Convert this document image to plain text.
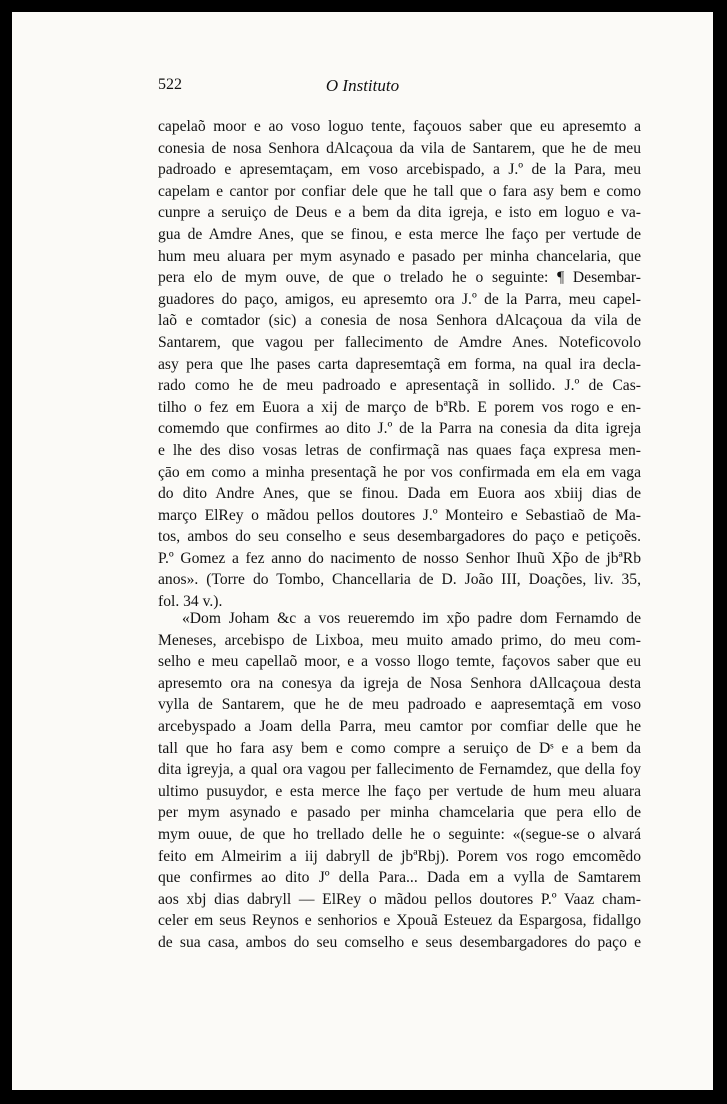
522	O Instituto
capelaõ moor e ao voso loguo tente, façouos saber que eu apresemto a
conesia de nosa Senhora dAlcaçoua da vila de Santarem, que he de meu
padroado e apresemtaçam, em voso arcebispado, a J.º de la Para, meu
capelam e cantor por confiar dele que he tall que o fara asy bem e como
cunpre a seruiço de Deus e a bem da dita igreja, e isto em loguo e va-
gua de Amdre Anes, que se finou, e esta merce lhe faço per vertude de
hum meu aluara per mym asynado e pasado per minha chancelaria, que
pera elo de mym ouve, de que o trelado he o seguinte: ¶ Desembar-
guadores do paço, amigos, eu apresemto ora J.º de la Parra, meu capel-
laõ e comtador (sic) a conesia de nosa Senhora dAlcaçoua da vila de
Santarem, que vagou per fallecimento de Amdre Anes. Noteficovolo
asy pera que lhe pases carta dapresemtaçã em forma, na qual ira decla-
rado como he de meu padroado e apresentaçã in sollido. J.º de Cas-
tilho o fez em Euora a xij de março de bªRb. E porem vos rogo e en-
comemdo que confirmes ao dito J.º de la Parra na conesia da dita igreja
e lhe des diso vosas letras de confirmaçã nas quaes faça expresa men-
çāo em como a minha presentaçã he por vos confirmada em ela em vaga
do dito Andre Anes, que se finou. Dada em Euora aos xbiij dias de
março ElRey o mãdou pellos doutores J.º Monteiro e Sebastiaõ de Ma-
tos, ambos do seu conselho e seus desembargadores do paço e petiçoẽs.
P.º Gomez a fez anno do nacimento de nosso Senhor Ihuũ Xp̃o de jbªRb
anos». (Torre do Tombo, Chancellaria de D. João III, Doações, liv. 35,
fol. 34 v.).
«Dom Joham &c a vos reueremdo im xp̃o padre dom Fernamdo de
Meneses, arcebispo de Lixboa, meu muito amado primo, do meu com-
selho e meu capellaõ moor, e a vosso llogo temte, façovos saber que eu
apresemto ora na conesya da igreja de Nosa Senhora dAllcaçoua desta
vylla de Santarem, que he de meu padroado e aapresemtaçã em voso
arcebyspado a Joam della Parra, meu camtor por comfiar delle que he
tall que ho fara asy bem e como compre a seruiço de Dˢ e a bem da
dita igreyja, a qual ora vagou per fallecimento de Fernamdez, que della foy
ultimo pusuydor, e esta merce lhe faço per vertude de hum meu aluara
per mym asynado e pasado per minha chamcelaria que pera ello de
mym ouue, de que ho trellado delle he o seguinte: «(segue-se o alvará
feito em Almeirim a iij dabryll de jbªRbj). Porem vos rogo emcomẽdo
que confirmes ao dito Jº della Para... Dada em a vylla de Samtarem
aos xbj dias dabryll — ElRey o mãdou pellos doutores P.º Vaaz cham-
celer em seus Reynos e senhorios e Xpouã Esteuez da Espargosa, fidallgo
de sua casa, ambos do seu comselho e seus desembargadores do paço e
